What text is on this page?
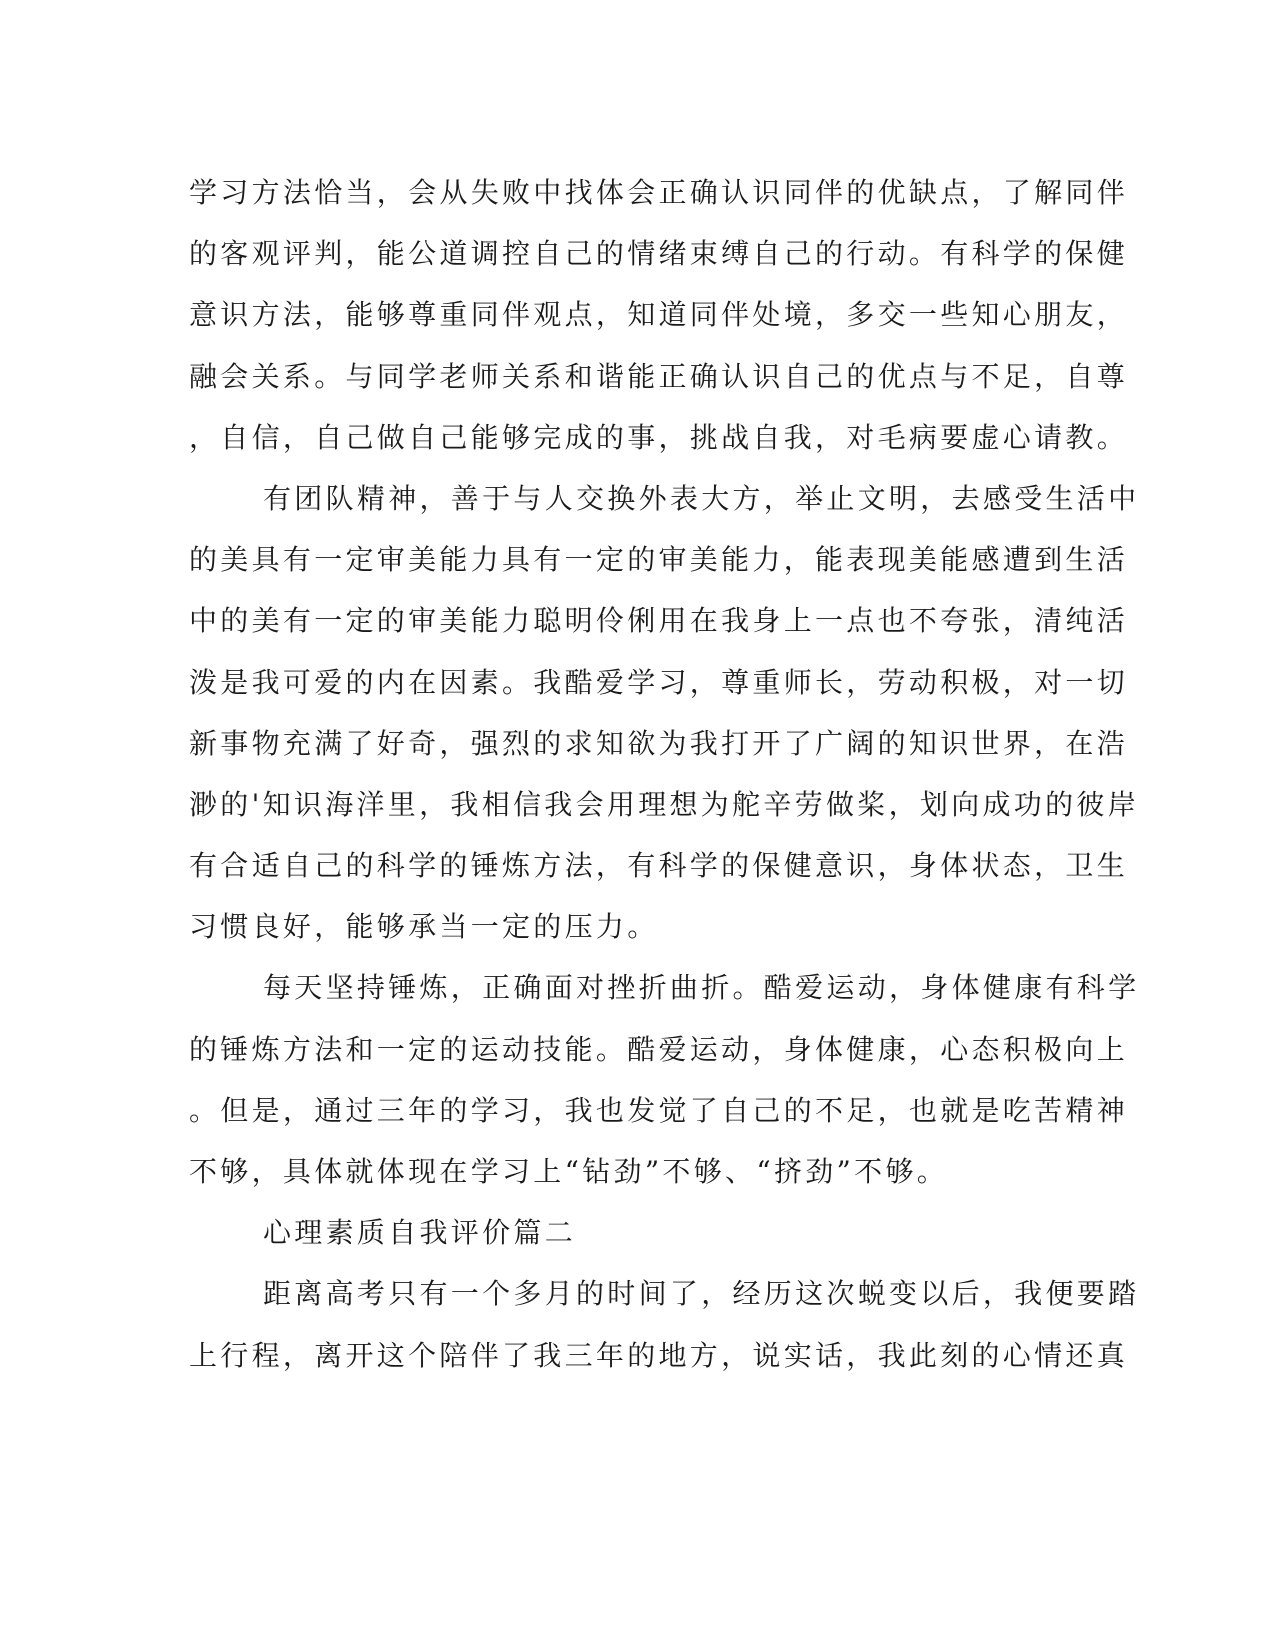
学习方法恰当，会从失败中找体会正确认识同伴的优缺点，了解同伴
的客观评判，能公道调控自己的情绪束缚自己的行动。有科学的保健
意识方法，能够尊重同伴观点，知道同伴处境，多交一些知心朋友，
融会关系。与同学老师关系和谐能正确认识自己的优点与不足，自尊
，自信，自己做自己能够完成的事，挑战自我，对毛病要虚心请教。
有团队精神，善于与人交换外表大方，举止文明，去感受生活中
的美具有一定审美能力具有一定的审美能力，能表现美能感遭到生活
中的美有一定的审美能力聪明伶俐用在我身上一点也不夸张，清纯活
泼是我可爱的内在因素。我酷爱学习，尊重师长，劳动积极，对一切
新事物充满了好奇，强烈的求知欲为我打开了广阔的知识世界，在浩
渺的'知识海洋里，我相信我会用理想为舵辛劳做桨，划向成功的彼岸
有合适自己的科学的锤炼方法，有科学的保健意识，身体状态，卫生
习惯良好，能够承当一定的压力。
每天坚持锤炼，正确面对挫折曲折。酷爱运动，身体健康有科学
的锤炼方法和一定的运动技能。酷爱运动，身体健康，心态积极向上
。但是，通过三年的学习，我也发觉了自己的不足，也就是吃苦精神
不够，具体就体现在学习上“钻劲”不够、“挤劲”不够。
心理素质自我评价篇二
距离高考只有一个多月的时间了，经历这次蜕变以后，我便要踏
上行程，离开这个陪伴了我三年的地方，说实话，我此刻的心情还真
